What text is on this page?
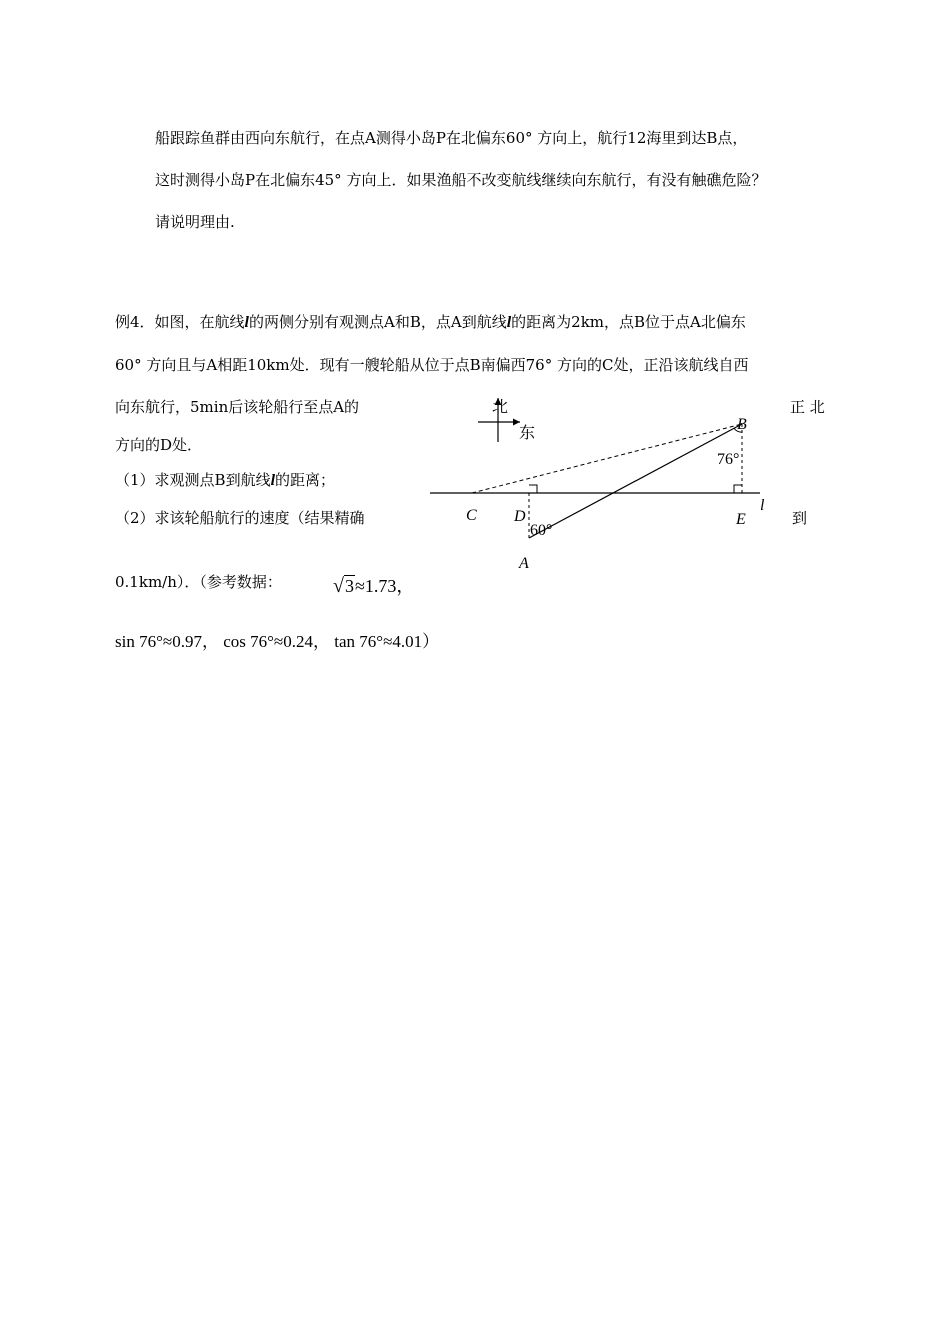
船跟踪鱼群由西向东航行，在点A测得小岛P在北偏东60° 方向上，航行12海里到达B点，
这时测得小岛P在北偏东45° 方向上．如果渔船不改变航线继续向东航行，有没有触礁危险？
请说明理由.
例4．如图，在航线l的两侧分别有观测点A和B，点A到航线l的距离为2km，点B位于点A北偏东
60° 方向且与A相距10km处．现有一艘轮船从位于点B南偏西76° 方向的C处，正沿该航线自西
向东航行，5min后该轮船行至点A的	正 北
方向的D处．
（1）求观测点B到航线l的距离；
（2）求该轮船航行的速度（结果精确	到
0.1km/h）．（参考数据：	√3≈1.73，
sin 76°≈0.97， cos 76°≈0.24， tan 76°≈4.01）
北
东
B
76°
C D
60°
E
l
A
